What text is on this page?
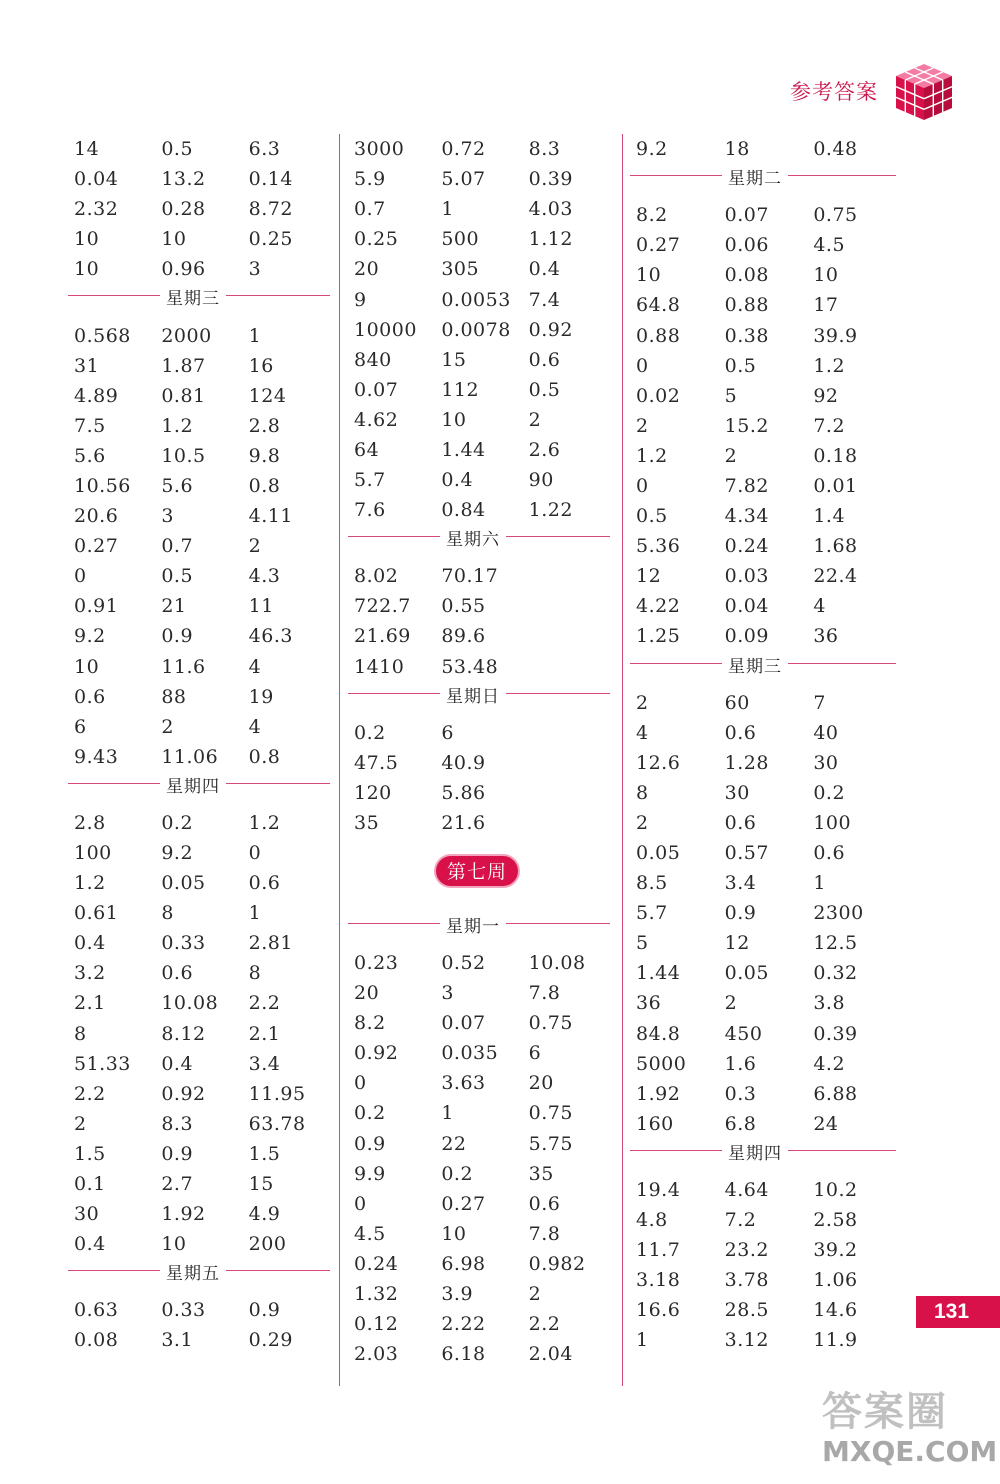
参考答案
14	0.5	6.3
0.04	13.2	0.14
2.32	0.28	8.72
10	10	0.25
10	0.96	3
星期三
0.568	2000	1
31	1.87	16
4.89	0.81	124
7.5	1.2	2.8
5.6	10.5	9.8
10.56	5.6	0.8
20.6	3	4.11
0.27	0.7	2
0	0.5	4.3
0.91	21	11
9.2	0.9	46.3
10	11.6	4
0.6	88	19
6	2	4
9.43	11.06	0.8
星期四
2.8	0.2	1.2
100	9.2	0
1.2	0.05	0.6
0.61	8	1
0.4	0.33	2.81
3.2	0.6	8
2.1	10.08	2.2
8	8.12	2.1
51.33	0.4	3.4
2.2	0.92	11.95
2	8.3	63.78
1.5	0.9	1.5
0.1	2.7	15
30	1.92	4.9
0.4	10	200
星期五
0.63	0.33	0.9
0.08	3.1	0.29
3000	0.72	8.3
5.9	5.07	0.39
0.7	1	4.03
0.25	500	1.12
20	305	0.4
9	0.0053 7.4
10000	0.0078 0.92
840	15	0.6
0.07	112	0.5
4.62	10	2
64	1.44	2.6
5.7	0.4	90
7.6	0.84	1.22
星期六
8.02	70.17
722.7	0.55
21.69	89.6
1410	53.48
星期日
0.2	6
47.5	40.9
120	5.86
35	21.6
第七周
星期一
0.23	0.52	10.08
20	3	7.8
8.2	0.07	0.75
0.92	0.035	6
0	3.63	20
0.2	1	0.75
0.9	22	5.75
9.9	0.2	35
0	0.27	0.6
4.5	10	7.8
0.24	6.98	0.982
1.32	3.9	2
0.12	2.22	2.2
2.03	6.18	2.04
9.2	18	0.48
星期二
8.2	0.07	0.75
0.27	0.06	4.5
10	0.08	10
64.8	0.88	17
0.88	0.38	39.9
0	0.5	1.2
0.02	5	92
2	15.2	7.2
1.2	2	0.18
0	7.82	0.01
0.5	4.34	1.4
5.36	0.24	1.68
12	0.03	22.4
4.22	0.04	4
1.25	0.09	36
星期三
2	60	7
4	0.6	40
12.6	1.28	30
8	30	0.2
2	0.6	100
0.05	0.57	0.6
8.5	3.4	1
5.7	0.9	2300
5	12	12.5
1.44	0.05	0.32
36	2	3.8
84.8	450	0.39
5000	1.6	4.2
1.92	0.3	6.88
160	6.8	24
星期四
19.4	4.64	10.2
4.8	7.2	2.58
11.7	23.2	39.2
3.18	3.78	1.06
16.6	28.5	14.6
1	3.12	11.9
131
答案圈
MXQE.COM
